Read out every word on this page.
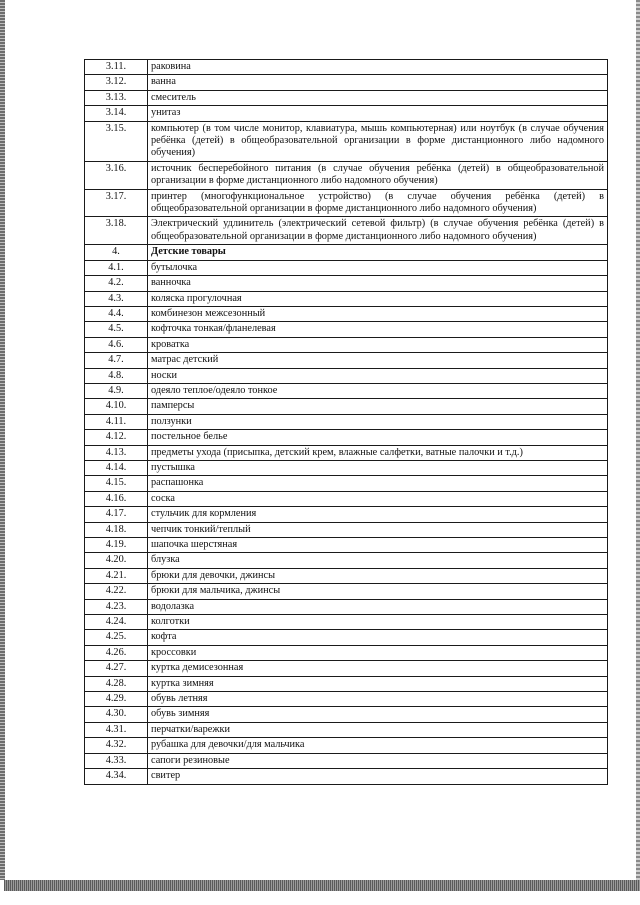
3.11.	раковина
3.12.	ванна
3.13.	смеситель
3.14.	унитаз
3.15.	компьютер (в том числе монитор, клавиатура, мышь компьютерная) или ноутбук (в случае обучения ребёнка (детей) в общеобразовательной организации в форме дистанционного либо надомного обучения)
3.16.	источник бесперебойного питания (в случае обучения ребёнка (детей) в общеобразовательной организации в форме дистанционного либо надомного обучения)
3.17.	принтер (многофункциональное устройство) (в случае обучения ребёнка (детей) в общеобразовательной организации в форме дистанционного либо надомного обучения)
3.18.	Электрический удлинитель (электрический сетевой фильтр) (в случае обучения ребёнка (детей) в общеобразовательной организации в форме дистанционного либо надомного обучения)
4.	Детские товары
4.1.	бутылочка
4.2.	ванночка
4.3.	коляска прогулочная
4.4.	комбинезон межсезонный
4.5.	кофточка тонкая/фланелевая
4.6.	кроватка
4.7.	матрас детский
4.8.	носки
4.9.	одеяло теплое/одеяло тонкое
4.10.	памперсы
4.11.	ползунки
4.12.	постельное белье
4.13.	предметы ухода (присыпка, детский крем, влажные салфетки, ватные палочки и т.д.)
4.14.	пустышка
4.15.	распашонка
4.16.	соска
4.17.	стульчик для кормления
4.18.	чепчик тонкий/теплый
4.19.	шапочка шерстяная
4.20.	блузка
4.21.	брюки для девочки, джинсы
4.22.	брюки для мальчика, джинсы
4.23.	водолазка
4.24.	колготки
4.25.	кофта
4.26.	кроссовки
4.27.	куртка демисезонная
4.28.	куртка зимняя
4.29.	обувь летняя
4.30.	обувь зимняя
4.31.	перчатки/варежки
4.32.	рубашка для девочки/для мальчика
4.33.	сапоги резиновые
4.34.	свитер
